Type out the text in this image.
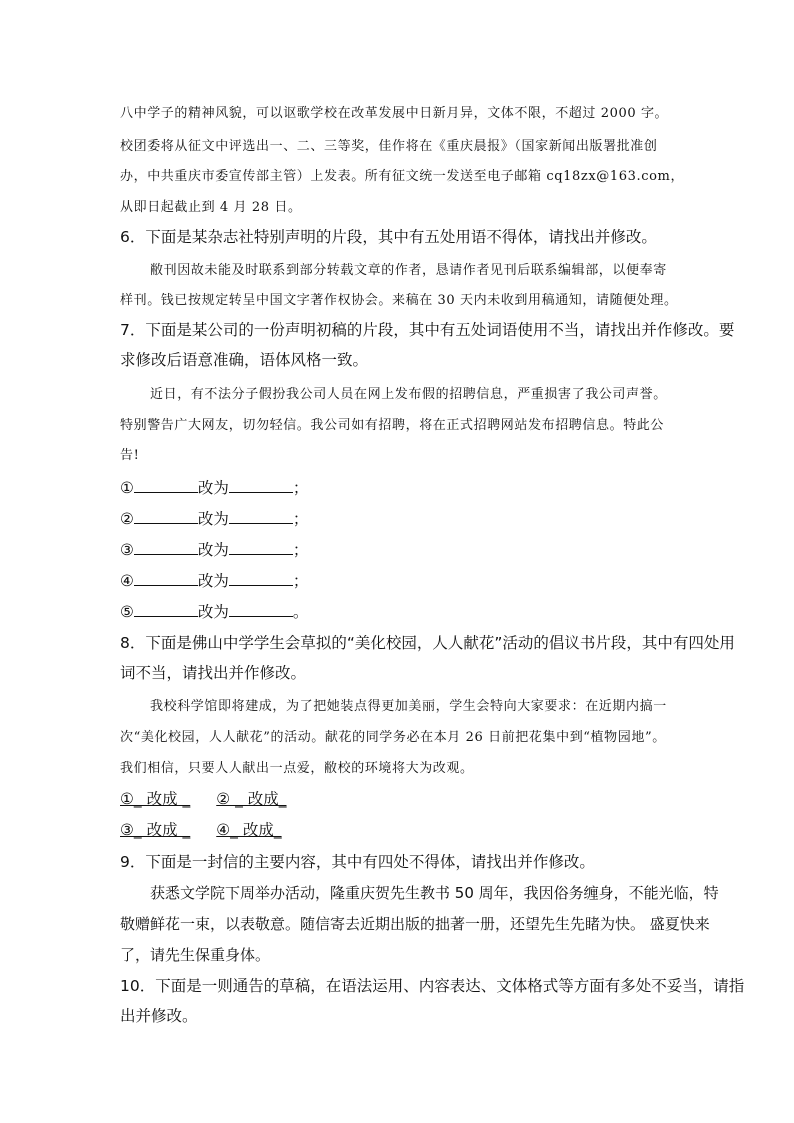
八中学子的精神风貌，可以讴歌学校在改革发展中日新月异，文体不限，不超过 2000 字。
校团委将从征文中评选出一、二、三等奖，佳作将在《重庆晨报》（国家新闻出版署批准创
办，中共重庆市委宣传部主管）上发表。所有征文统一发送至电子邮箱 cq18zx@163.com，
从即日起截止到 4 月 28 日。
6．下面是某杂志社特别声明的片段，其中有五处用语不得体，请找出并修改。
敝刊因故未能及时联系到部分转载文章的作者，恳请作者见刊后联系编辑部，以便奉寄
样刊。钱已按规定转呈中国文字著作权协会。来稿在 30 天内未收到用稿通知，请随便处理。
7．下面是某公司的一份声明初稿的片段，其中有五处词语使用不当，请找出并作修改。要
求修改后语意准确，语体风格一致。
近日，有不法分子假扮我公司人员在网上发布假的招聘信息，严重损害了我公司声誉。
特别警告广大网友，切勿轻信。我公司如有招聘，将在正式招聘网站发布招聘信息。特此公
告!
①	改为	；
②	改为	；
③	改为	；
④	改为	；
⑤	改为	。
8．下面是佛山中学学生会草拟的“美化校园，人人献花”活动的倡议书片段，其中有四处用
词不当，请找出并作修改。
我校科学馆即将建成，为了把她装点得更加美丽，学生会特向大家要求：在近期内搞一
次“美化校园，人人献花”的活动。献花的同学务必在本月 26 日前把花集中到“植物园地”。
我们相信，只要人人献出一点爱，敝校的环境将大为改观。
①_ 改成 _ ② _ 改成_
③_ 改成 _ ④_ 改成_
9．下面是一封信的主要内容，其中有四处不得体，请找出并作修改。
获悉文学院下周举办活动，隆重庆贺先生教书 50 周年，我因俗务缠身，不能光临，特
敬赠鲜花一束，以表敬意。随信寄去近期出版的拙著一册，还望先生先睹为快。 盛夏快来
了，请先生保重身体。
10．下面是一则通告的草稿，在语法运用、内容表达、文体格式等方面有多处不妥当，请指
出并修改。
